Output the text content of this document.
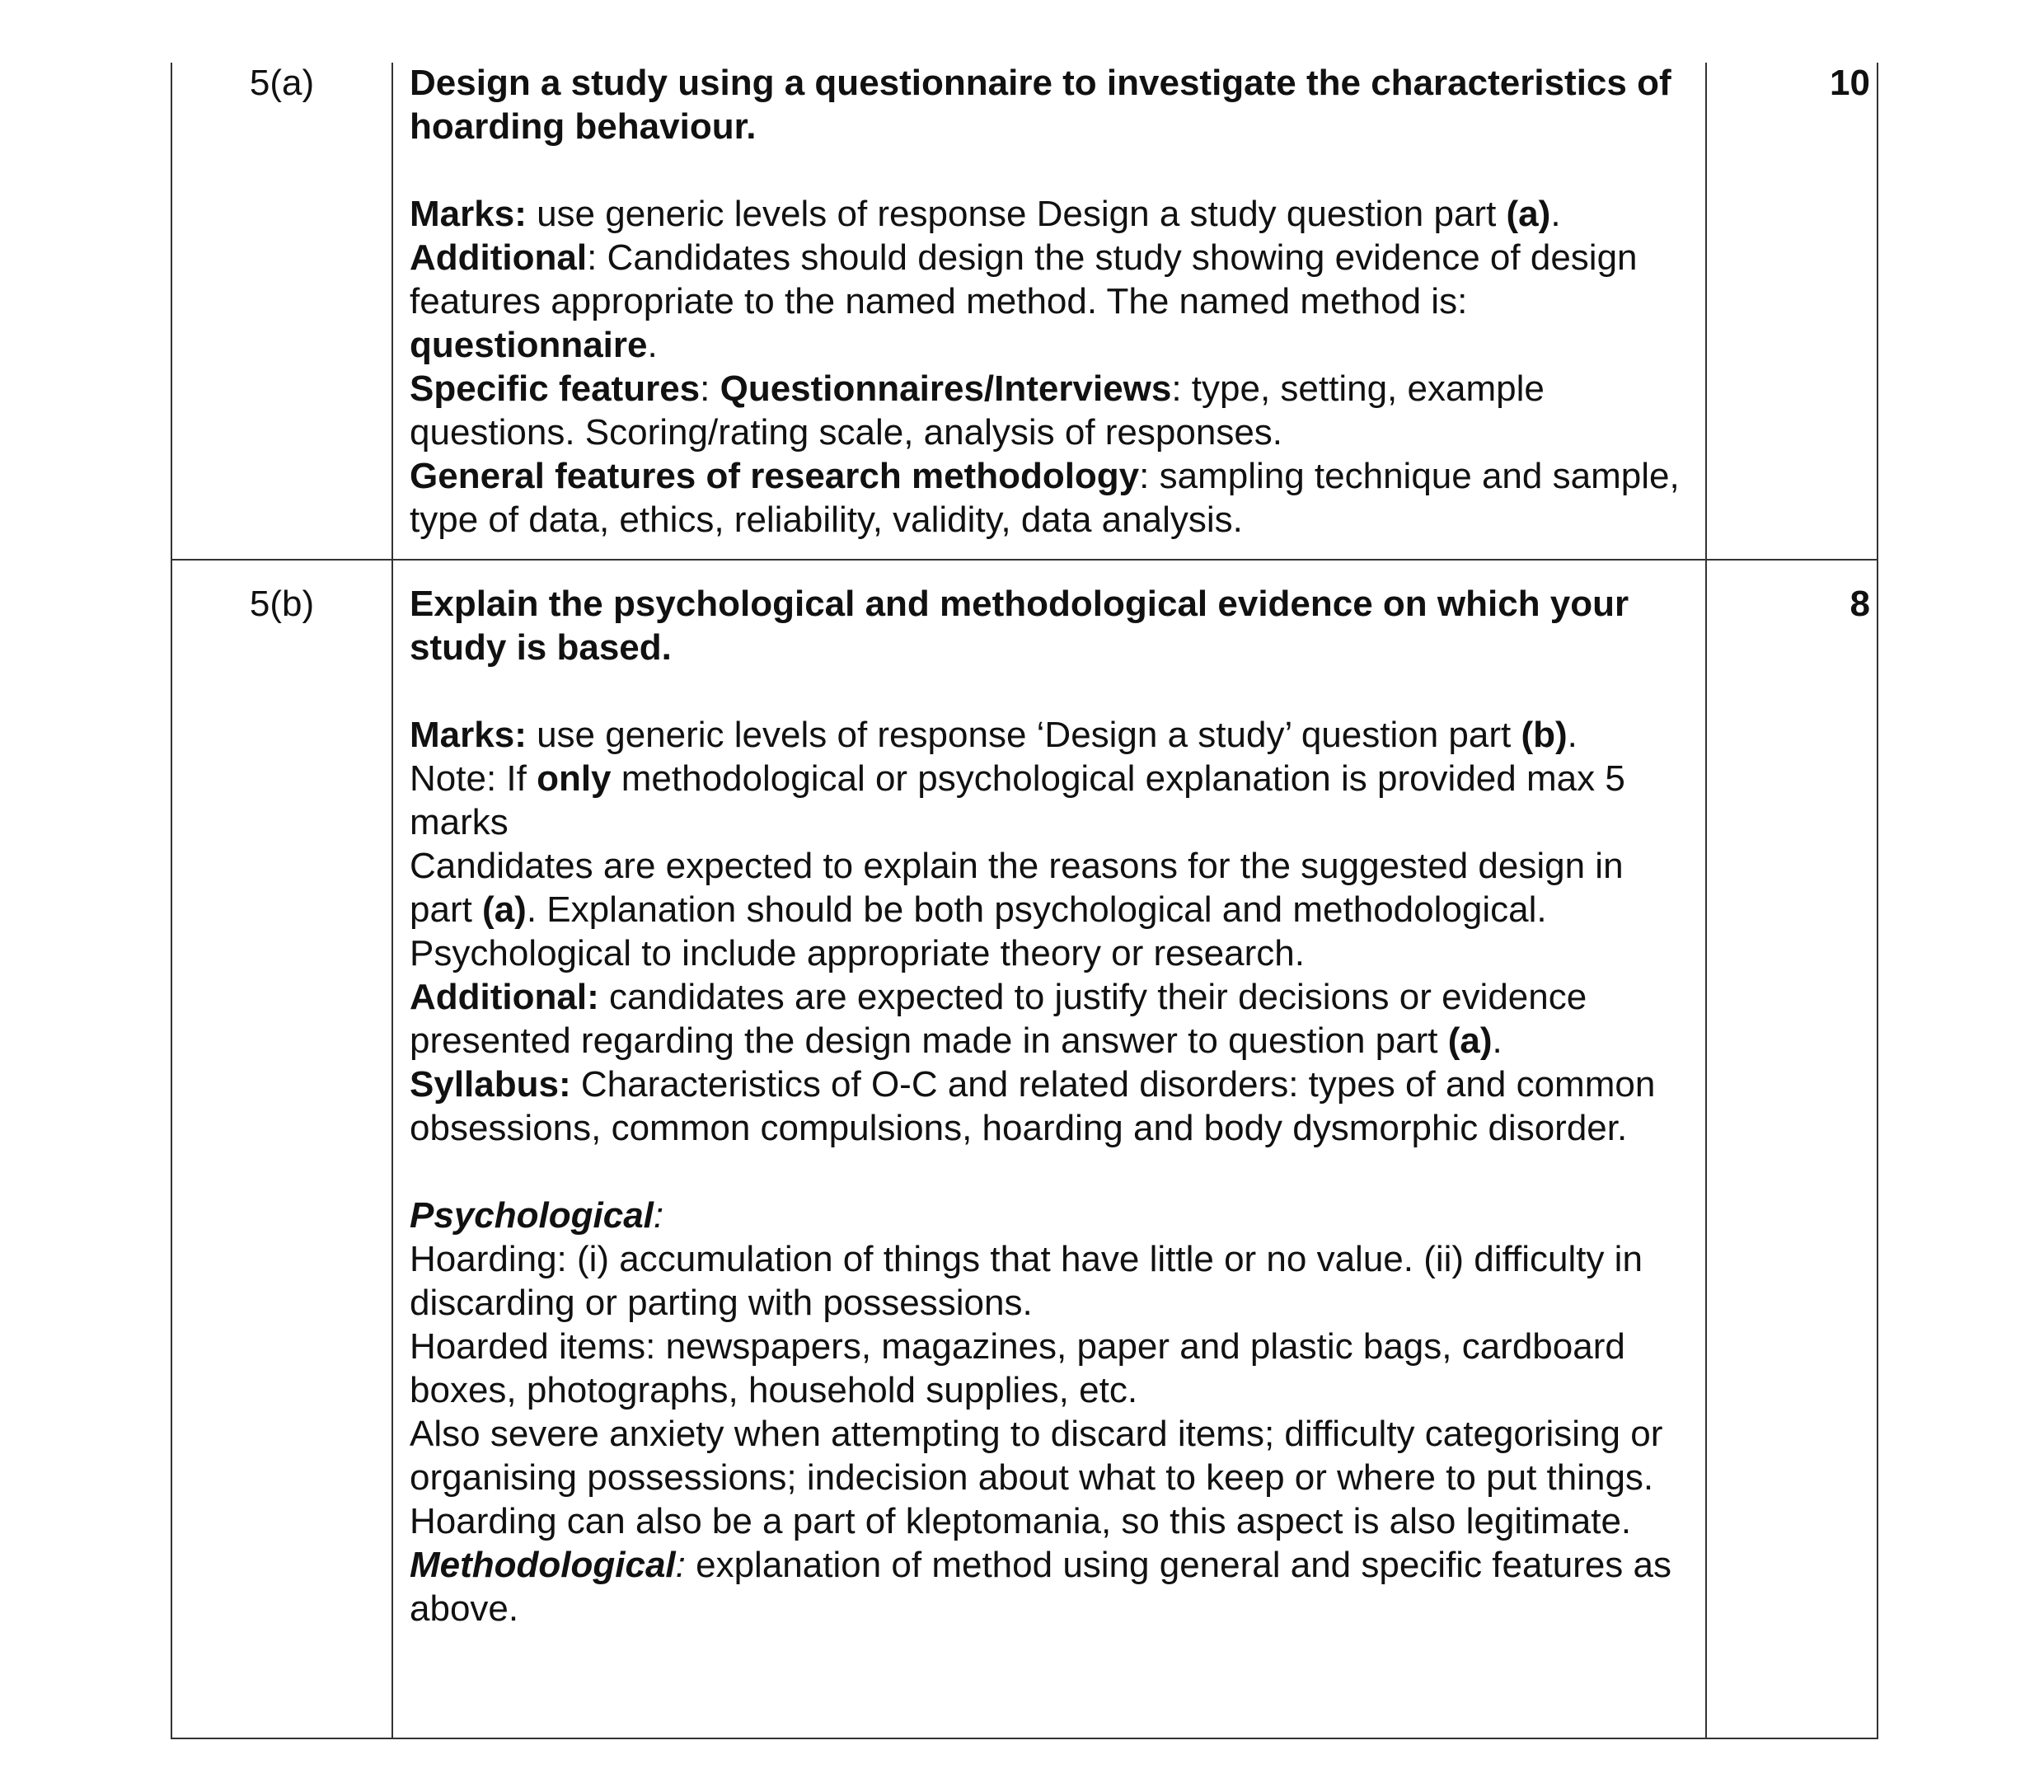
5(a)	10

Design a study using a questionnaire to investigate the characteristics of hoarding behaviour.

Marks: use generic levels of response Design a study question part (a).

Additional: Candidates should design the study showing evidence of design features appropriate to the named method. The named method is: questionnaire.

Specific features: Questionnaires/Interviews: type, setting, example questions. Scoring/rating scale, analysis of responses.

General features of research methodology: sampling technique and sample, type of data, ethics, reliability, validity, data analysis.

5(b)	8

Explain the psychological and methodological evidence on which your study is based.

Marks: use generic levels of response ‘Design a study’ question part (b).

Note: If only methodological or psychological explanation is provided max 5 marks

Candidates are expected to explain the reasons for the suggested design in part (a). Explanation should be both psychological and methodological. Psychological to include appropriate theory or research.

Additional: candidates are expected to justify their decisions or evidence presented regarding the design made in answer to question part (a).

Syllabus: Characteristics of O-C and related disorders: types of and common obsessions, common compulsions, hoarding and body dysmorphic disorder.

Psychological:

Hoarding: (i) accumulation of things that have little or no value. (ii) difficulty in discarding or parting with possessions.

Hoarded items: newspapers, magazines, paper and plastic bags, cardboard boxes, photographs, household supplies, etc.

Also severe anxiety when attempting to discard items; difficulty categorising or organising possessions; indecision about what to keep or where to put things.

Hoarding can also be a part of kleptomania, so this aspect is also legitimate.

Methodological: explanation of method using general and specific features as above.
